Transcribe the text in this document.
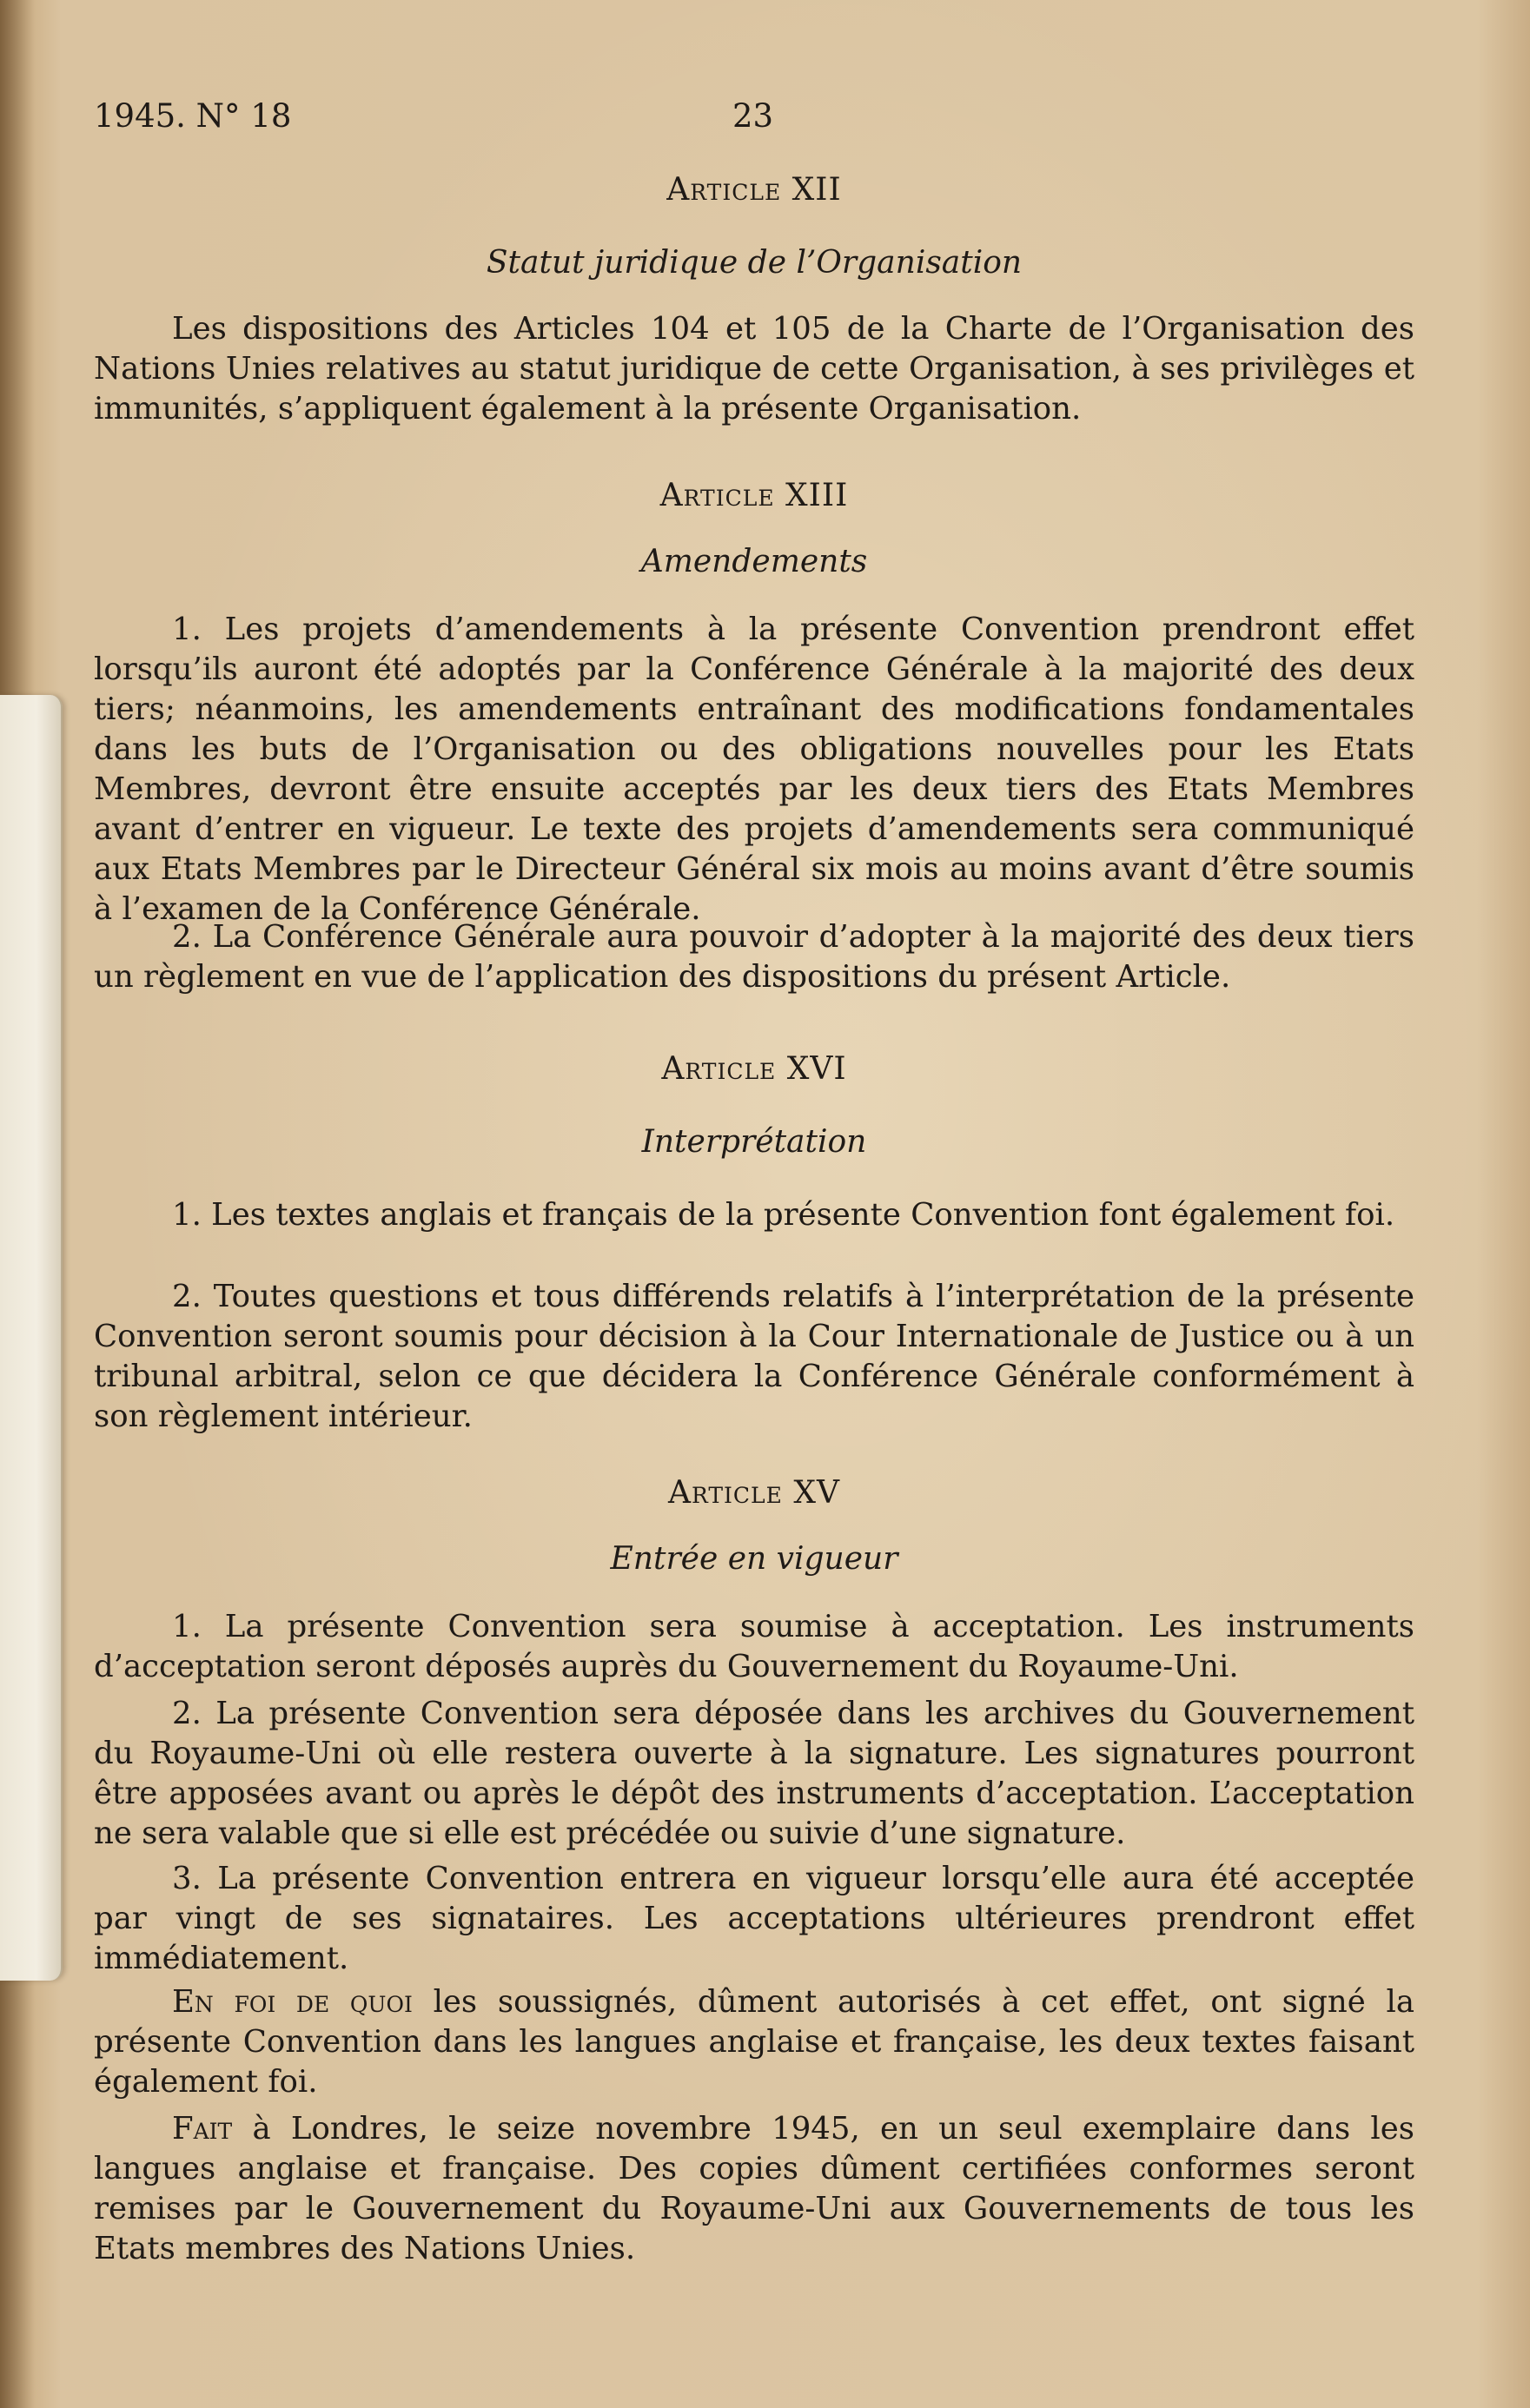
1945. N° 18	23
Article XII
Statut juridique de l’Organisation

Les dispositions des Articles 104 et 105 de la Charte de l’Organisation des Nations Unies relatives au statut juridique de cette Organisation, à ses privilèges et immunités, s’appliquent également à la présente Organisation.

Article XIII
Amendements

1. Les projets d’amendements à la présente Convention prendront effet lorsqu’ils auront été adoptés par la Conférence Générale à la majorité des deux tiers; néanmoins, les amendements entraînant des modifications fondamentales dans les buts de l’Organisation ou des obligations nouvelles pour les Etats Membres, devront être ensuite acceptés par les deux tiers des Etats Membres avant d’entrer en vigueur. Le texte des projets d’amendements sera communiqué aux Etats Membres par le Directeur Général six mois au moins avant d’être soumis à l’examen de la Conférence Générale.

2. La Conférence Générale aura pouvoir d’adopter à la majorité des deux tiers un règlement en vue de l’application des dispositions du présent Article.

Article XVI
Interprétation

1. Les textes anglais et français de la présente Convention font également foi.

2. Toutes questions et tous différends relatifs à l’interprétation de la présente Convention seront soumis pour décision à la Cour Internationale de Justice ou à un tribunal arbitral, selon ce que décidera la Conférence Générale conformément à son règlement intérieur.

Article XV
Entrée en vigueur

1. La présente Convention sera soumise à acceptation. Les instruments d’acceptation seront déposés auprès du Gouvernement du Royaume-Uni.

2. La présente Convention sera déposée dans les archives du Gouvernement du Royaume-Uni où elle restera ouverte à la signature. Les signatures pourront être apposées avant ou après le dépôt des instruments d’acceptation. L’acceptation ne sera valable que si elle est précédée ou suivie d’une signature.

3. La présente Convention entrera en vigueur lorsqu’elle aura été acceptée par vingt de ses signataires. Les acceptations ultérieures prendront effet immédiatement.

En foi de quoi les soussignés, dûment autorisés à cet effet, ont signé la présente Convention dans les langues anglaise et française, les deux textes faisant également foi.

Fait à Londres, le seize novembre 1945, en un seul exemplaire dans les langues anglaise et française. Des copies dûment certifiées conformes seront remises par le Gouvernement du Royaume-Uni aux Gouvernements de tous les Etats membres des Nations Unies.
